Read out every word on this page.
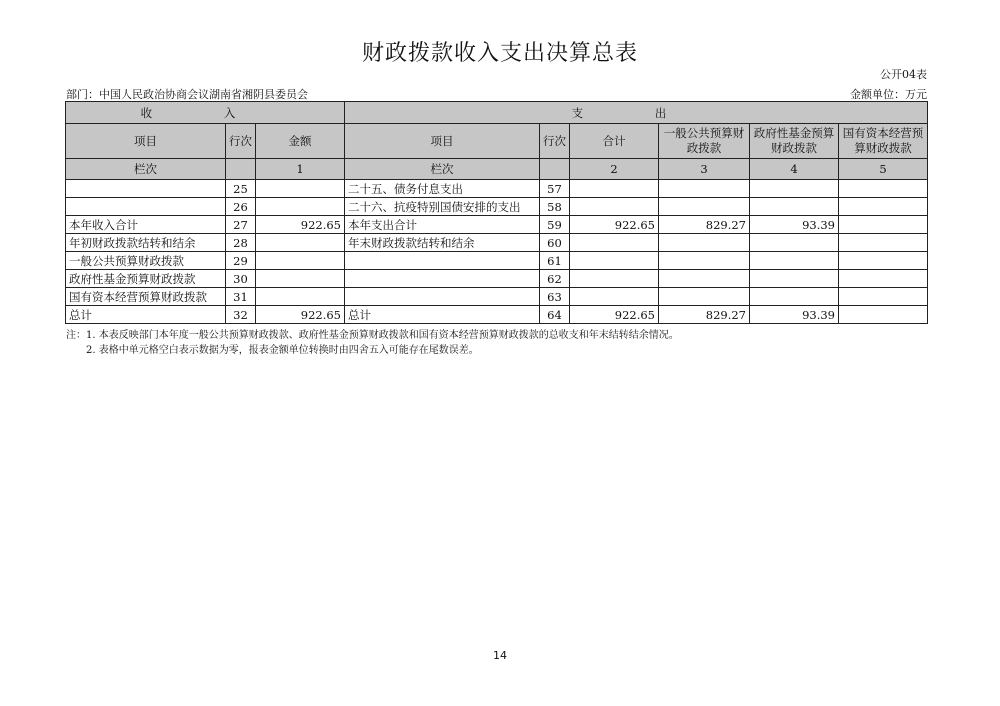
财政拨款收入支出决算总表
公开04表
部门：中国人民政治协商会议湖南省湘阴县委员会	金额单位：万元
收 入			支 出					
项目	行次	金额	项目	行次	合计	一般公共预算财政拨款	政府性基金预算财政拨款	国有资本经营预算财政拨款
栏次		1	栏次		2	3	4	5
	25		二十五、债务付息支出	57				
	26		二十六、抗疫特别国债安排的支出	58				
本年收入合计	27	922.65	本年支出合计	59	922.65	829.27	93.39	
年初财政拨款结转和结余	28		年末财政拨款结转和结余	60				
一般公共预算财政拨款	29			61				
政府性基金预算财政拨款	30			62				
国有资本经营预算财政拨款	31			63				
总计	32	922.65	总计	64	922.65	829.27	93.39	
注：1. 本表反映部门本年度一般公共预算财政拨款、政府性基金预算财政拨款和国有资本经营预算财政拨款的总收支和年末结转结余情况。
2. 表格中单元格空白表示数据为零，报表金额单位转换时由四舍五入可能存在尾数误差。
14
